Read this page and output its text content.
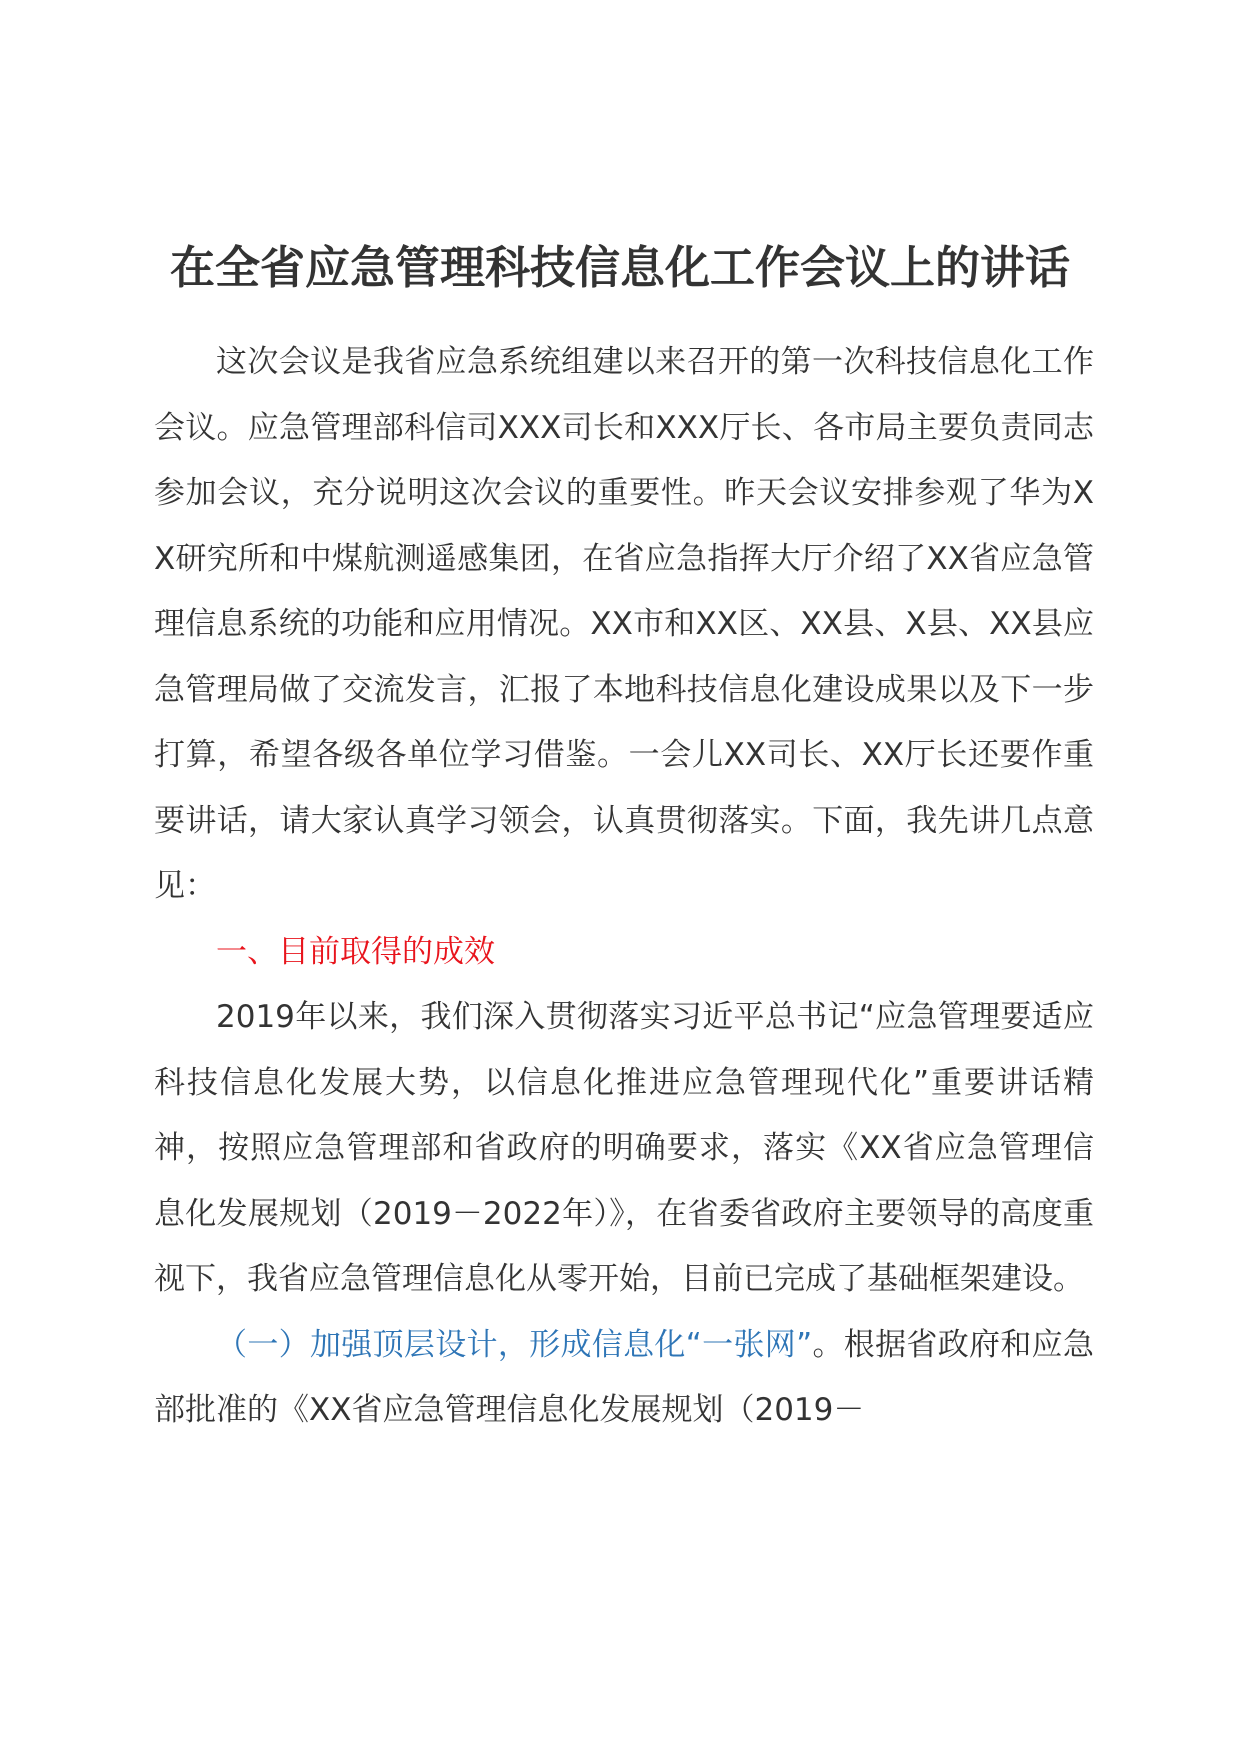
在全省应急管理科技信息化工作会议上的讲话

这次会议是我省应急系统组建以来召开的第一次科技信息化工作会议。应急管理部科信司XXX司长和XXX厅长、各市局主要负责同志参加会议，充分说明这次会议的重要性。昨天会议安排参观了华为XX研究所和中煤航测遥感集团，在省应急指挥大厅介绍了XX省应急管理信息系统的功能和应用情况。XX市和XX区、XX县、X县、XX县应急管理局做了交流发言，汇报了本地科技信息化建设成果以及下一步打算，希望各级各单位学习借鉴。一会儿XX司长、XX厅长还要作重要讲话，请大家认真学习领会，认真贯彻落实。下面，我先讲几点意见：

一、目前取得的成效

2019年以来，我们深入贯彻落实习近平总书记“应急管理要适应科技信息化发展大势，以信息化推进应急管理现代化”重要讲话精神，按照应急管理部和省政府的明确要求，落实《XX省应急管理信息化发展规划（2019－2022年）》，在省委省政府主要领导的高度重视下，我省应急管理信息化从零开始，目前已完成了基础框架建设。

（一）加强顶层设计，形成信息化“一张网”。根据省政府和应急部批准的《XX省应急管理信息化发展规划（2019－
